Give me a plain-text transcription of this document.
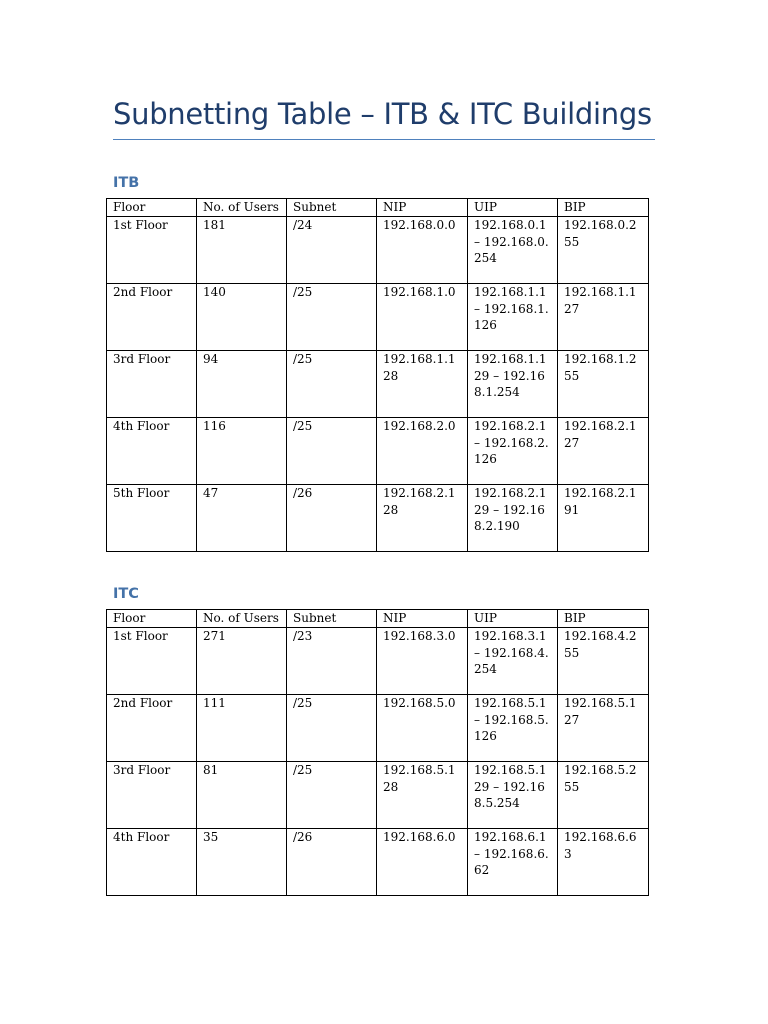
Subnetting Table – ITB & ITC Buildings
ITB
Floor	No. of Users	Subnet	NIP	UIP	BIP
1st Floor	181	/24	192.168.0.0	192.168.0.1 – 192.168.0.254	192.168.0.255
2nd Floor	140	/25	192.168.1.0	192.168.1.1 – 192.168.1.126	192.168.1.127
3rd Floor	94	/25	192.168.1.128	192.168.1.129 – 192.168.1.254	192.168.1.255
4th Floor	116	/25	192.168.2.0	192.168.2.1 – 192.168.2.126	192.168.2.127
5th Floor	47	/26	192.168.2.128	192.168.2.129 – 192.168.2.190	192.168.2.191
ITC
Floor	No. of Users	Subnet	NIP	UIP	BIP
1st Floor	271	/23	192.168.3.0	192.168.3.1 – 192.168.4.254	192.168.4.255
2nd Floor	111	/25	192.168.5.0	192.168.5.1 – 192.168.5.126	192.168.5.127
3rd Floor	81	/25	192.168.5.128	192.168.5.129 – 192.168.5.254	192.168.5.255
4th Floor	35	/26	192.168.6.0	192.168.6.1 – 192.168.6.62	192.168.6.63
